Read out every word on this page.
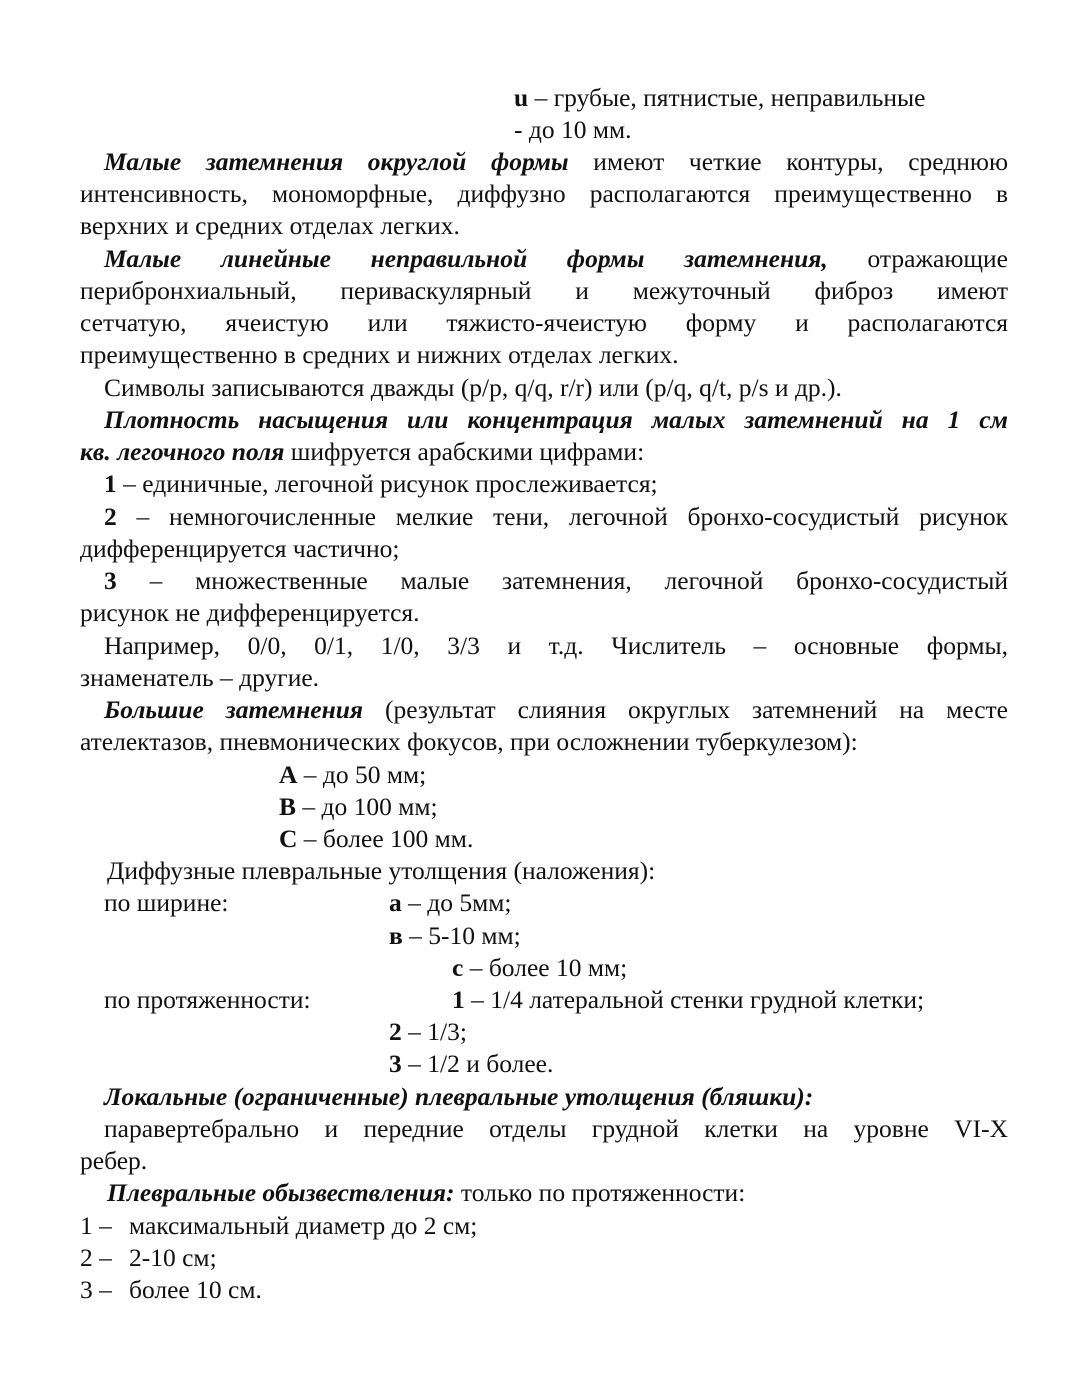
u – грубые, пятнистые, неправильные
- до 10 мм.
Малые затемнения округлой формы имеют четкие контуры, среднюю
интенсивность, мономорфные, диффузно располагаются преимущественно в
верхних и средних отделах легких.
Малые линейные неправильной формы затемнения, отражающие
перибронхиальный, периваскулярный и межуточный фиброз имеют
сетчатую, ячеистую или тяжисто-ячеистую форму и располагаются
преимущественно в средних и нижних отделах легких.
Символы записываются дважды (p/p, q/q, r/r) или (p/q, q/t, p/s и др.).
Плотность насыщения или концентрация малых затемнений на 1 см
кв. легочного поля шифруется арабскими цифрами:
1 – единичные, легочной рисунок прослеживается;
2 – немногочисленные мелкие тени, легочной бронхо-сосудистый рисунок
дифференцируется частично;
3 – множественные малые затемнения, легочной бронхо-сосудистый
рисунок не дифференцируется.
Например, 0/0, 0/1, 1/0, 3/3 и т.д. Числитель – основные формы,
знаменатель – другие.
Большие затемнения (результат слияния округлых затемнений на месте
ателектазов, пневмонических фокусов, при осложнении туберкулезом):
А – до 50 мм;
В – до 100 мм;
С – более 100 мм.
Диффузные плевральные утолщения (наложения):
по ширине:	а – до 5мм;
в – 5-10 мм;
с – более 10 мм;
по протяженности:	1 – 1/4 латеральной стенки грудной клетки;
2 – 1/3;
3 – 1/2 и более.
Локальные (ограниченные) плевральные утолщения (бляшки):
паравертебрально и передние отделы грудной клетки на уровне VI-X
ребер.
Плевральные обызвествления: только по протяженности:
1 – максимальный диаметр до 2 см;
2 – 2-10 см;
3 – более 10 см.
